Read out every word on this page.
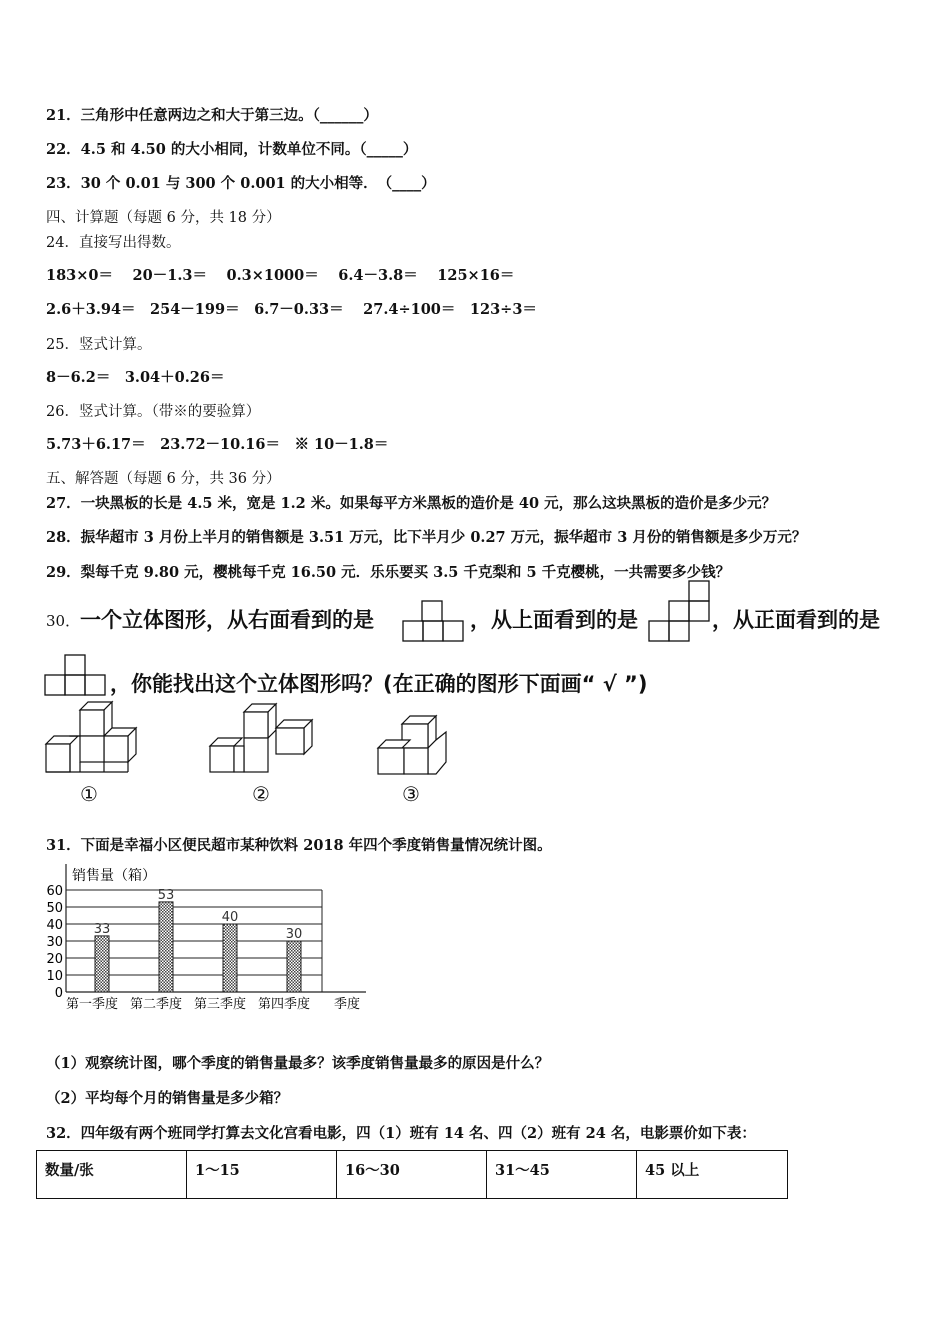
21．三角形中任意两边之和大于第三边。（______）
22．4.5 和 4.50 的大小相同，计数单位不同。（_____）
23．30 个 0.01 与 300 个 0.001 的大小相等．　（____）
四、计算题（每题 6 分，共 18 分）
24．直接写出得数。
183×0＝　 20－1.3＝　 0.3×1000＝　 6.4－3.8＝　 125×16＝
2.6＋3.94＝　254－199＝　6.7－0.33＝　 27.4÷100＝　123÷3＝
25．竖式计算。
8－6.2＝　3.04＋0.26＝
26．竖式计算。（带※的要验算）
5.73＋6.17＝　23.72－10.16＝　※ 10－1.8＝
五、解答题（每题 6 分，共 36 分）
27．一块黑板的长是 4.5 米，宽是 1.2 米。如果每平方米黑板的造价是 40 元，那么这块黑板的造价是多少元？
28．振华超市 3 月份上半月的销售额是 3.51 万元，比下半月少 0.27 万元，振华超市 3 月份的销售额是多少万元？
29．梨每千克 9.80 元，樱桃每千克 16.50 元．乐乐要买 3.5 千克梨和 5 千克樱桃，一共需要多少钱？
30． 一个立体图形，从右面看到的是	，从上面看到的是	，从正面看到的是
，你能找出这个立体图形吗？(在正确的图形下面画“ √ ”)
①	②	③
31．下面是幸福小区便民超市某种饮料 2018 年四个季度销售量情况统计图。
销售量（箱）
0
10
20
30
40
50
60
33
53
40
30
第一季度 第二季度 第三季度 第四季度 季度
（1）观察统计图，哪个季度的销售量最多？该季度销售量最多的原因是什么？
（2）平均每个月的销售量是多少箱？
32．四年级有两个班同学打算去文化宫看电影，四（1）班有 14 名、四（2）班有 24 名，电影票价如下表：
数量/张	1～15	16～30	31～45	45 以上
